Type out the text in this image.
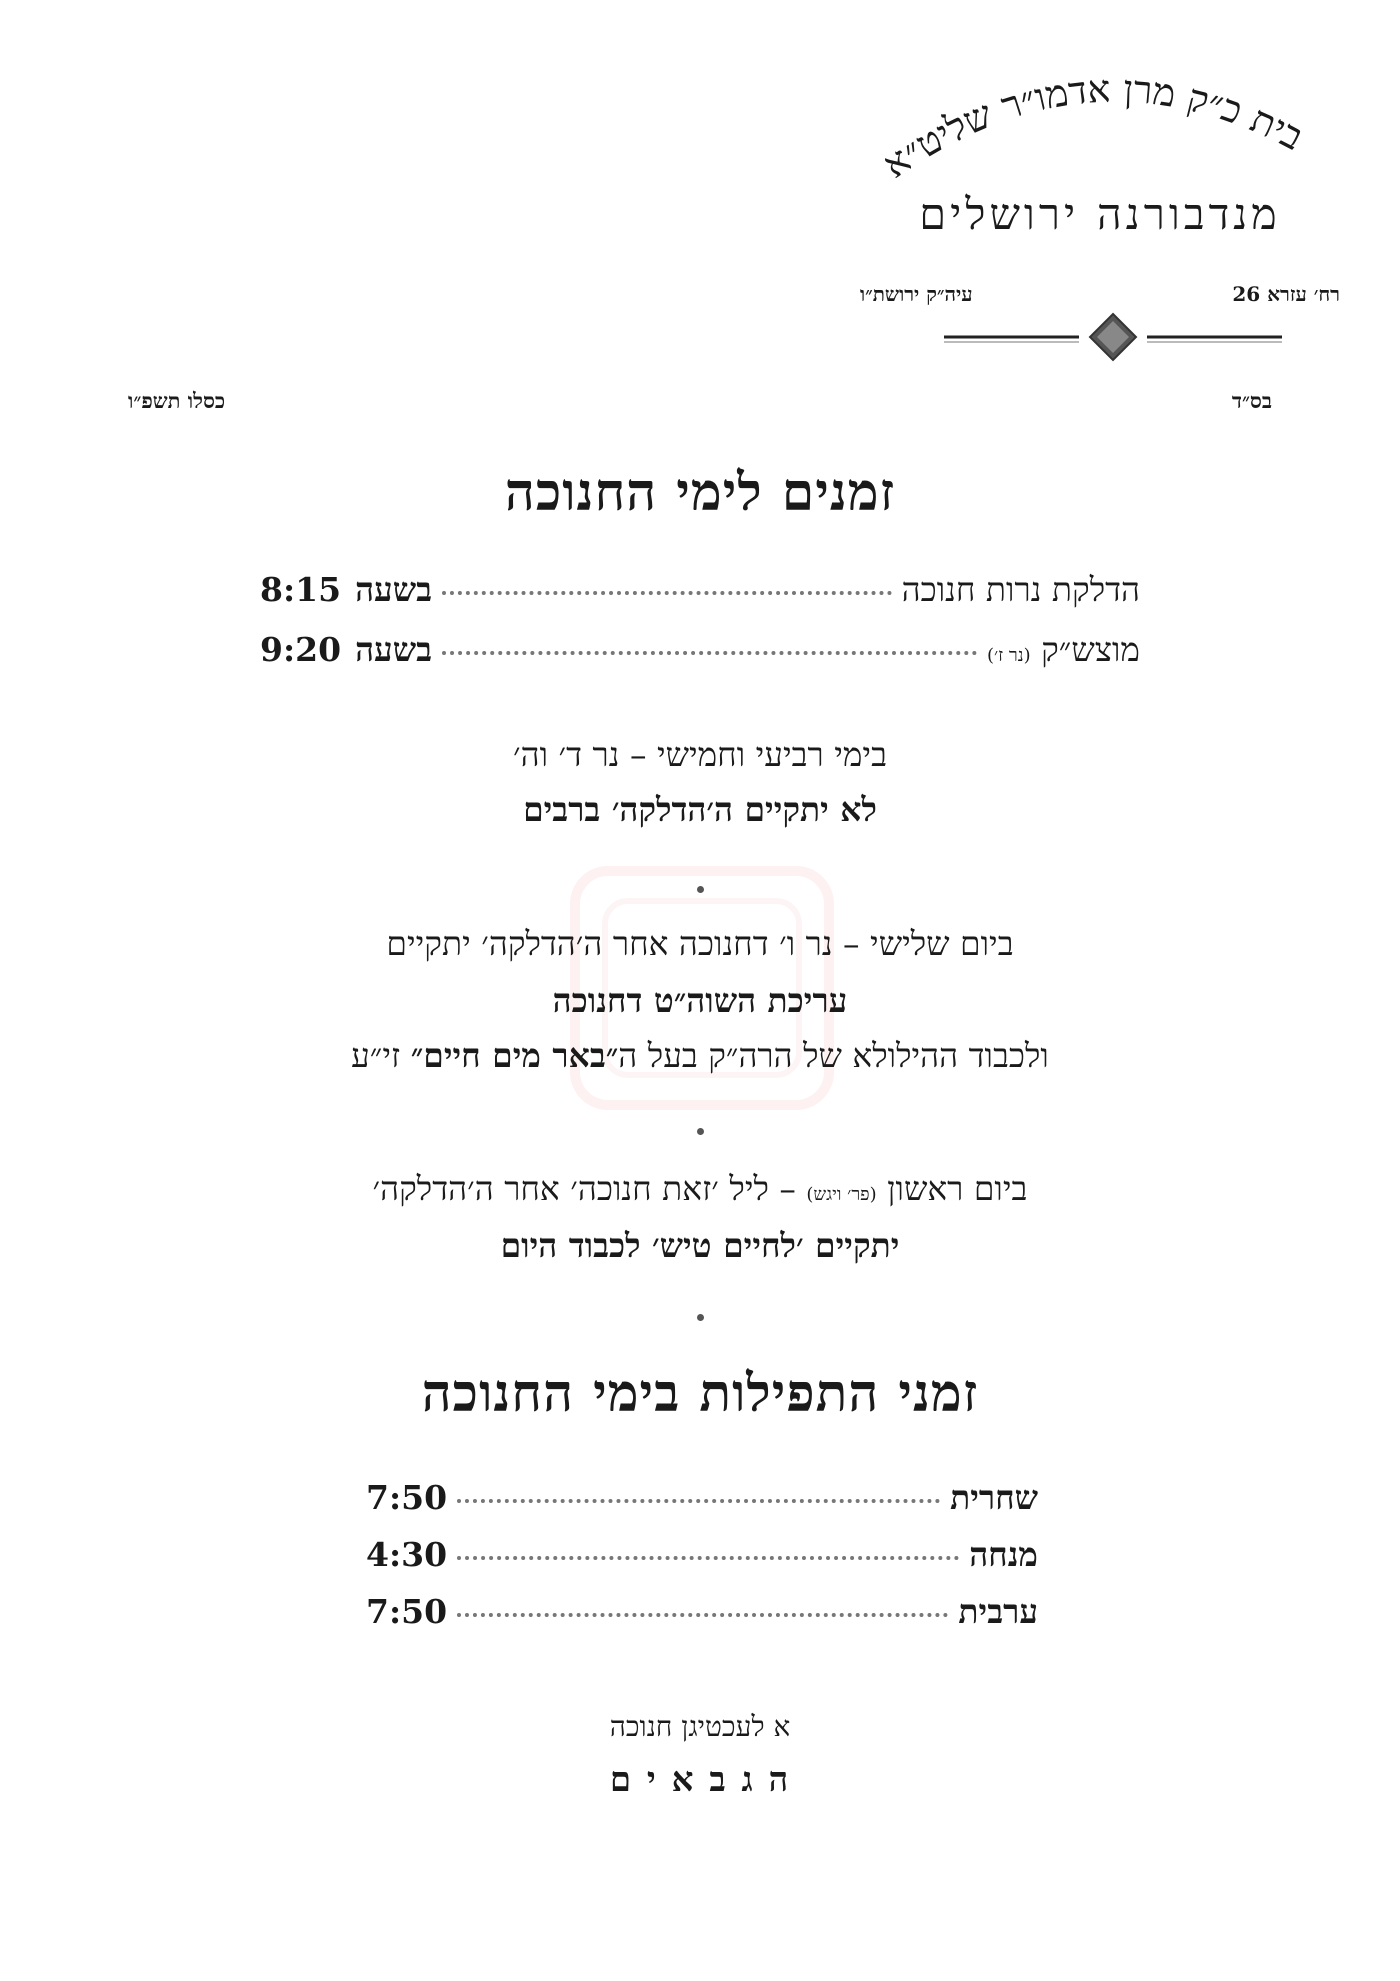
בית כ״ק מרן אדמו״ר שליט״א
מנדבורנה ירושלים
רח׳ עזרא 26
עיה״ק ירושת״ו
בס״ד
כסלו תשפ״ו
זמנים לימי החנוכה
הדלקת נרות חנוכה
בשעה8:15
מוצש״ק (נר ז׳)
בשעה9:20
בימי רביעי וחמישי – נר ד׳ וה׳
לא יתקיים ה׳הדלקה׳ ברבים
ביום שלישי – נר ו׳ דחנוכה אחר ה׳הדלקה׳ יתקיים
עריכת השוה״ט דחנוכה
ולכבוד ההילולא של הרה״ק בעל ה״באר מים חיים״ זי״ע
ביום ראשון (פר׳ ויגש) – ליל ׳זאת חנוכה׳ אחר ה׳הדלקה׳
יתקיים ׳לחיים טיש׳ לכבוד היום
זמני התפילות בימי החנוכה
שחרית
7:50
מנחה
4:30
ערבית
7:50
א לעכטיגן חנוכה
ה ג ב א י ם
